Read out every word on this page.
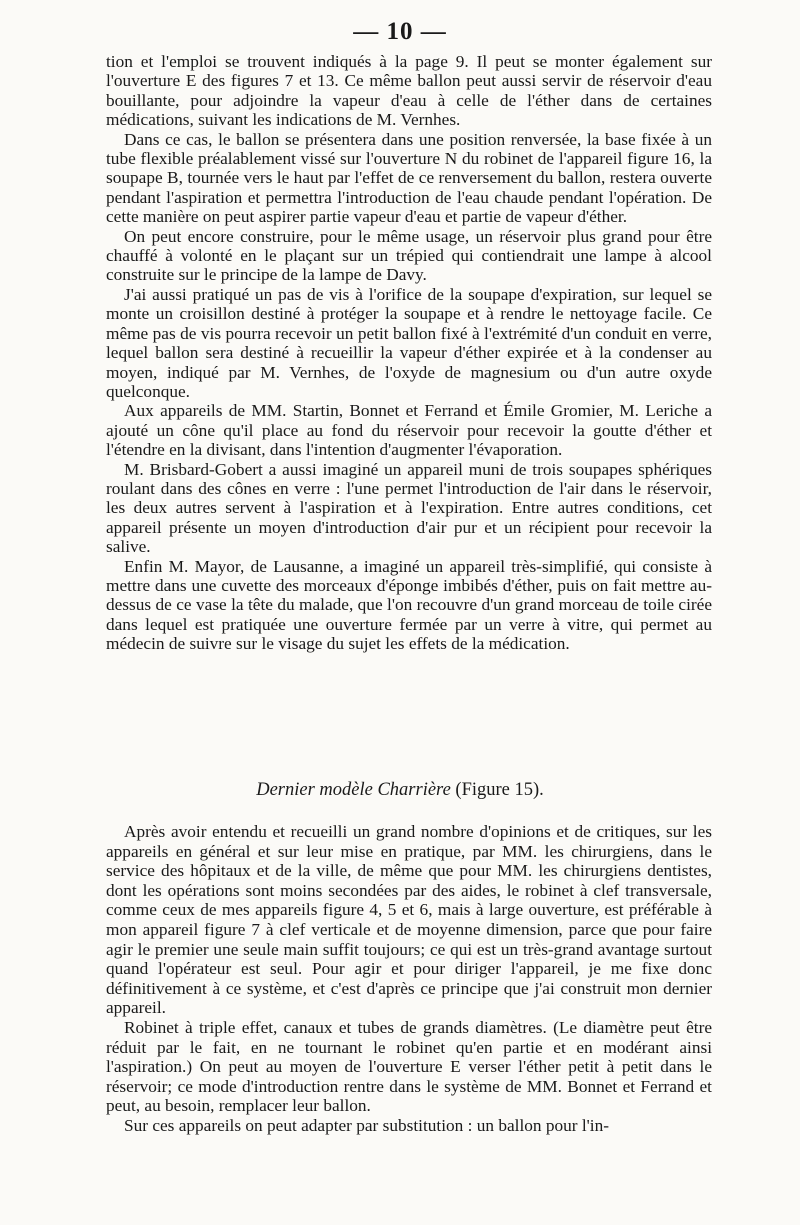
— 10 —

tion et l'emploi se trouvent indiqués à la page 9. Il peut se monter également sur l'ouverture E des figures 7 et 13. Ce même ballon peut aussi servir de réservoir d'eau bouillante, pour adjoindre la vapeur d'eau à celle de l'éther dans de certaines médications, suivant les indications de M. Vernhes.

Dans ce cas, le ballon se présentera dans une position renversée, la base fixée à un tube flexible préalablement vissé sur l'ouverture N du robinet de l'appareil figure 16, la soupape B, tournée vers le haut par l'effet de ce renversement du ballon, restera ouverte pendant l'aspiration et permettra l'introduction de l'eau chaude pendant l'opération. De cette manière on peut aspirer partie vapeur d'eau et partie de vapeur d'éther.

On peut encore construire, pour le même usage, un réservoir plus grand pour être chauffé à volonté en le plaçant sur un trépied qui contiendrait une lampe à alcool construite sur le principe de la lampe de Davy.

J'ai aussi pratiqué un pas de vis à l'orifice de la soupape d'expiration, sur lequel se monte un croisillon destiné à protéger la soupape et à rendre le nettoyage facile. Ce même pas de vis pourra recevoir un petit ballon fixé à l'extrémité d'un conduit en verre, lequel ballon sera destiné à recueillir la vapeur d'éther expirée et à la condenser au moyen, indiqué par M. Vernhes, de l'oxyde de magnesium ou d'un autre oxyde quelconque.

Aux appareils de MM. Startin, Bonnet et Ferrand et Émile Gromier, M. Leriche a ajouté un cône qu'il place au fond du réservoir pour recevoir la goutte d'éther et l'étendre en la divisant, dans l'intention d'augmenter l'évaporation.

M. Brisbard-Gobert a aussi imaginé un appareil muni de trois soupapes sphériques roulant dans des cônes en verre : l'une permet l'introduction de l'air dans le réservoir, les deux autres servent à l'aspiration et à l'expiration. Entre autres conditions, cet appareil présente un moyen d'introduction d'air pur et un récipient pour recevoir la salive.

Enfin M. Mayor, de Lausanne, a imaginé un appareil très-simplifié, qui consiste à mettre dans une cuvette des morceaux d'éponge imbibés d'éther, puis on fait mettre au-dessus de ce vase la tête du malade, que l'on recouvre d'un grand morceau de toile cirée dans lequel est pratiquée une ouverture fermée par un verre à vitre, qui permet au médecin de suivre sur le visage du sujet les effets de la médication.

Dernier modèle Charrière (Figure 15).

Après avoir entendu et recueilli un grand nombre d'opinions et de critiques, sur les appareils en général et sur leur mise en pratique, par MM. les chirurgiens, dans le service des hôpitaux et de la ville, de même que pour MM. les chirurgiens dentistes, dont les opérations sont moins secondées par des aides, le robinet à clef transversale, comme ceux de mes appareils figure 4, 5 et 6, mais à large ouverture, est préférable à mon appareil figure 7 à clef verticale et de moyenne dimension, parce que pour faire agir le premier une seule main suffit toujours; ce qui est un très-grand avantage surtout quand l'opérateur est seul. Pour agir et pour diriger l'appareil, je me fixe donc définitivement à ce système, et c'est d'après ce principe que j'ai construit mon dernier appareil.

Robinet à triple effet, canaux et tubes de grands diamètres. (Le diamètre peut être réduit par le fait, en ne tournant le robinet qu'en partie et en modérant ainsi l'aspiration.) On peut au moyen de l'ouverture E verser l'éther petit à petit dans le réservoir; ce mode d'introduction rentre dans le système de MM. Bonnet et Ferrand et peut, au besoin, remplacer leur ballon.

Sur ces appareils on peut adapter par substitution : un ballon pour l'in-
